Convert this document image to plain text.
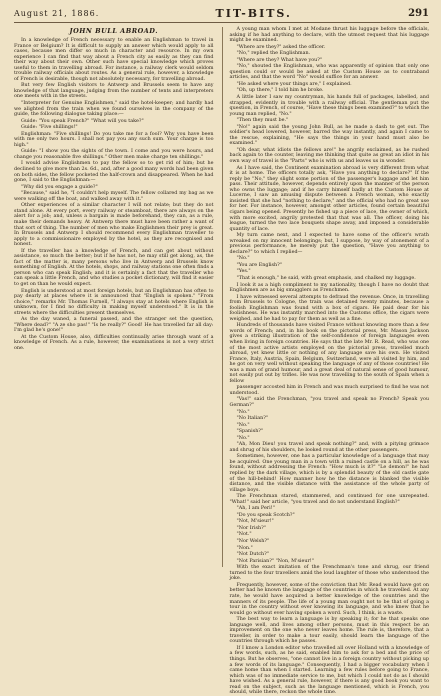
August 21, 1886.	TIT-BITS.	291
JOHN BULL ABROAD.

In a knowledge of French necessary to enable an Englishman to travel in France or Belgium? It is difficult to supply an answer which would apply to all cases, because men differ so much in character and resource. In my own experience I can find that way about a French city as easily as they can find their way about their own. Other such have special knowledge which proves useful to them in travelling abroad. For instance, a railway clerk would seldom trouble railway officials about routes. As a general rule, however, a knowledge of French is desirable, though not absolutely necessary, for travelling abroad.

But very few English visitors to Antwerp and Brussels seem to have any knowledge of that language, judging from the number of tents and interpreters one meets with in the streets.

"Interpreter for Genuine Englishmen," said the hotel-keeper; and hardly had we alighted from the train when we found ourselves in the company of the guide, the following dialogue taking place:—

Guide: "You speak French?" "What will you take?"

Guide: "Five shillings!"

Englishman: "Five shillings! Do you take me for a fool? Why you have been with me only two hours. I shall not pay you any such sum. Your charge is too high."

Guide: "I show you the sights of the town. I come and you were hours, and change you reasonable five shillings." Other men make charge ten shillings."

I would advise Englishmen to pay the fellow so to get rid of him; but he declined to give more than 2s. 6d., and, after a good many words had been given on both sides, the fellow pocketed the half-crown and disappeared. When he had gone, I said to the Englishman:—

"Why did you engage a guide?"

"Because," said he, "I couldn't help myself. The fellow collared my bag as we were walking off the boat, and walked away with it."

Other experiences of a similar character I will not relate; but they do not stand alone. At every port, every railway or steamboat, there are always on the alert for a job; and, unless a bargain is made beforehand, they can, as a rule, make their demands heavy. At Antwerp there must have been rather a want of that sort of thing. The number of men who make Englishmen their prey is great. In Brussels and Antwerp I should recommend every Englishman traveller to apply to a commissionaire employed by the hotel, as they are recognised and honest.

If the traveller has a knowledge of French, and can get about without assistance, so much the better; but if he has not, he may still get along, as, the fact of the matter is, many persons who live in Antwerp and Brussels know something of English. At the hotels, shops, and railway stations one often finds a person who can speak English; and it is certainly a fact that the traveller who can speak a little French, and who studies a pocket dictionary, will find it easier to get on than he would expect.

English is understood at most foreign hotels, but an Englishman has often to pay dearly at places where it is announced that "English is spoken." "From choice," remarks Mr. Thomas Furnell, "I always stay at hotels where English is unknown, for I find no difficulty in making myself understood." It is in the streets where the difficulties present themselves.

As the day waned, a funeral passed, and the stranger set the question, "Where dead?" "A ze sho pas!" "Is he really?" Good! He has travelled far all day: I'm glad he's gone!"

At the Custom House, also, difficulties continually arise through want of a knowledge of French. As a rule, however, the examinations is not a very strict one.

A young man whom I met at Modane thrust his luggage before the officials, asking if he had anything to declare, with the utmost request that his luggage might be examined.

"Where are they?" asked the officer.

"No," replied the Englishman.

"Where are they? What have you?"

"No," shouted the Englishman, who was apparently of opinion that only one question could or would be asked at the Custom House as to contraband articles, and that the word "No" would suffice for an answer.

"He asked where your things are," I explained.

"Oh, up there," I told him he broke.

A little later I saw my countryman, his hands full of packages, labelled, and strapped, evidently in trouble with a railway official. The gentleman put the question, in French, of course, "Have these things been examined?" to which the young man replied, "No."

"Then they must be."

"No!" again said the young John Bull, as he made a dash to get out. The soldier's head lowered, however, barred the way instantly, and again I came to the rescue, explaining, "He says the things in your hand must also be examined."

"Oh dear, what idiots the fellows are!" he angrily exclaimed, as he rushed back again to the counter, leaving me thinking that quite as great an idiot in his own way of travel is the "Parts" who is with us and leaves us in wonder.

As I have said, the Continent examination abroad is very different from what it is at home. The officers totally ask, "Have you anything to declare?" If the reply be "No," they slight some portion of the passenger's luggage and let him pass. Their attitude, however, depends entirely upon the manner of the person who owns the luggage; and if he carry himself badly at the Custom House at Lucerne, I saw an amusing dispute between a French woman, who exactly insisted that she had "nothing to declare," and the official who had no great use for her. For instance, however, amongst other articles, found certain beautiful cigars being opened. Presently he fished up a piece of lace, the owner of which, with more excited, angrily protested that that was all. The officer, doing his league, turned the two lace bouquets shape away, and imposed a considerable quantity of lace.

My turn came next, and I expected to have some of the officer's wrath wreaked on my innocent belongings; but, I suppose, by way of atonement of a previous performance, he merely put the question, "Have you anything to declare?" to which I replied—

"No."

"You are English?"

"Yes."

"That is enough," he said, with great emphasis, and chalked my luggage.

I look it as a high compliment to my nationality, though I have no doubt that Englishmen are as big smugglers as Frenchmen.

I have witnessed several attempts to defraud the revenue. Once, in travelling from Brussels to Cologne, the train was detained twenty minutes, because a foolish Englishman was found with a box of cigars. He paid dear for his foolishness. He was instantly marched into the Customs office, the cigars were weighed, and he had to pay for them as well as a fine.

Hundreds of thousands have visited France without knowing more than a few words of French; and, in his book on the pictorial press, Mr. Mason Jackson gives a striking illustration of the self-confidence of foreign languages even when living in foreign countries. He says that the late Mr. R. Read, who was one of the most active artists employed on the pictorial press, travelled much abroad, yet knew little or nothing of any language save his own. He visited France, Italy, Austria, Spain, Belgium, Switzerland, were all visited by him, and he got on very well without speaking the language of any of those countries! He was a man of grand humour, and a great deal of natural sense of good humour, not easily put out by trifles. He was now travelling to the south of Spain when a fellow

passenger accosted him in French and was much surprised to find he was not understood.

"Vas!" said the Frenchman, "you travel and speak no French? Speak you German?"

"No."

"No Italian?"

"No."

"Spanish?"

"No."

"Ah, Mon Dieu! you travel and speak nothing?" and, with a pitying grimace and shrug of his shoulders, he looked round at the other passengers.

Sometimes, however, one has a particular knowledge of a language that may be acquired. One young man in a town with a ruined castle on a hill, as he was found, without addressing the French: "How much is it?" "Le demon!" he had replied by the dark village, which is by a splendid beauty of the old castle gate of the hill-behind! How manner how he the distance is blanked the visible distance, and the visible distance with the assistance of the whole party of village boys.

The Frenchman stared, stammered, and continued for one unrepeated. "What!" said her article, "you travel and do not understand English?"

"Ah, I am Peri!"

"Do you speak Scotch?"

"Not, M'sieur!"

"Nor Irish?"

"Not."

"Nor Welsh?"

"Non."

"Not Dutch?"

"Not Parisian?" "Non, M'sieur!"

With the exact imitation of the Frenchman's tone and shrug, our friend turned to the four travellers amid the loud laughter of those who understood the joke.

Frequently, however, some of the conviction that Mr. Read would have got on better had he known the language of the countries in which he travelled. At any rate, he would have acquired a better knowledge of the countries and the manners of its people. The life of a young man ought not to be that of going a tour in the country without ever knowing its language, and who knew that he would go without ever having spoken a word. Such, I think, is a waste.

The best way to learn a language is by speaking it; for he that speaks one language well, and lives among other persons, must in this respect be an improvement on the one who never leaves home. The rule is, therefore, that a traveller, in order to make a tour easily, should learn the language of the countries through which he passes.

If I know a London editor who travelled all over Holland with a knowledge of a few words, such, as he said, enabled him to ask for a bed and the price of things. But he observes, "one cannot live in a foreign country without picking up a few words of its language." Consequently, I had a bigger vocabulary when I came home than when I started. Learning a few rules before going to France, which was of no immediate service to me, but which I could not do as I should have wished. As a general rule, however, if there is any good book you want to read on the subject, such as the language mentioned, which is French, you should, while there, reckon the whole time.
